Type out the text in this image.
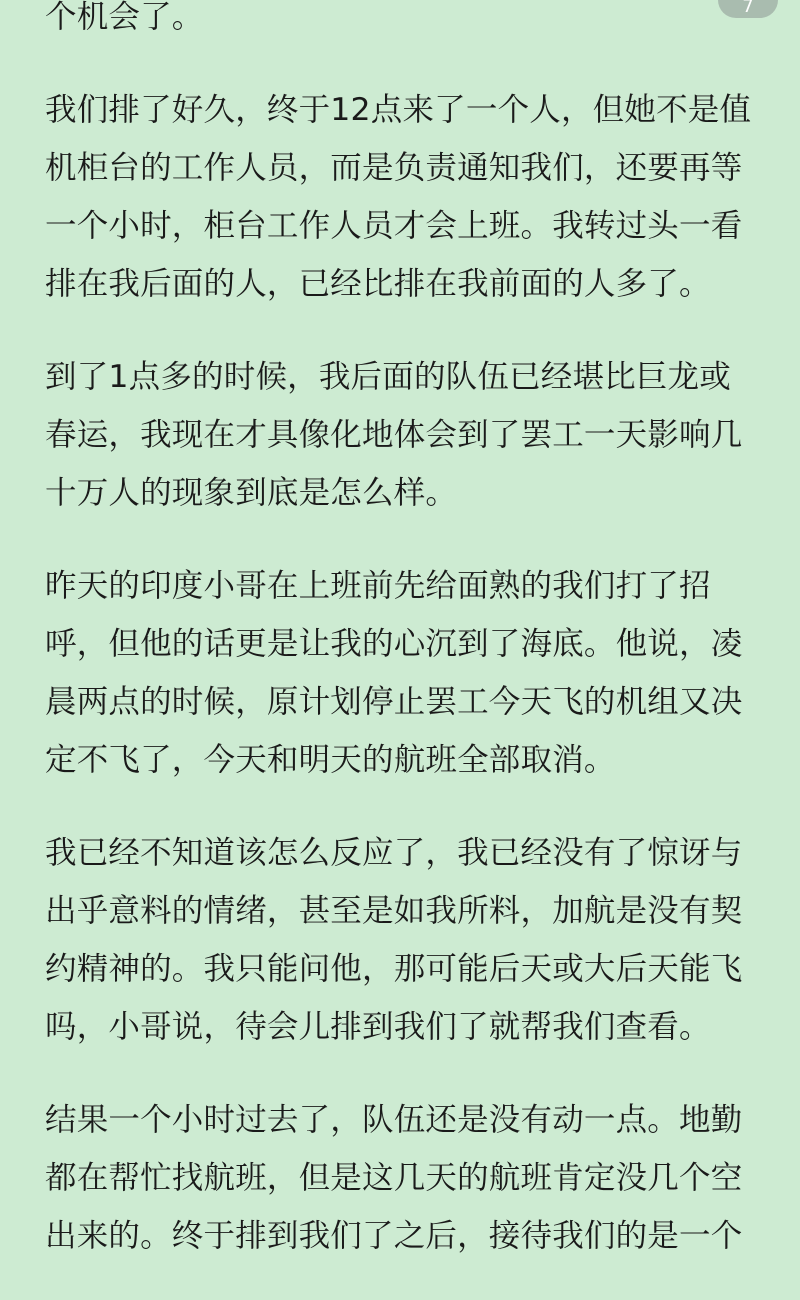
个机会了。

我们排了好久，终于12点来了一个人，但她不是值机柜台的工作人员，而是负责通知我们，还要再等一个小时，柜台工作人员才会上班。我转过头一看排在我后面的人，已经比排在我前面的人多了。

到了1点多的时候，我后面的队伍已经堪比巨龙或春运，我现在才具像化地体会到了罢工一天影响几十万人的现象到底是怎么样。

昨天的印度小哥在上班前先给面熟的我们打了招呼，但他的话更是让我的心沉到了海底。他说，凌晨两点的时候，原计划停止罢工今天飞的机组又决定不飞了，今天和明天的航班全部取消。

我已经不知道该怎么反应了，我已经没有了惊讶与出乎意料的情绪，甚至是如我所料，加航是没有契约精神的。我只能问他，那可能后天或大后天能飞吗，小哥说，待会儿排到我们了就帮我们查看。

结果一个小时过去了，队伍还是没有动一点。地勤都在帮忙找航班，但是这几天的航班肯定没几个空出来的。终于排到我们了之后，接待我们的是一个

7
